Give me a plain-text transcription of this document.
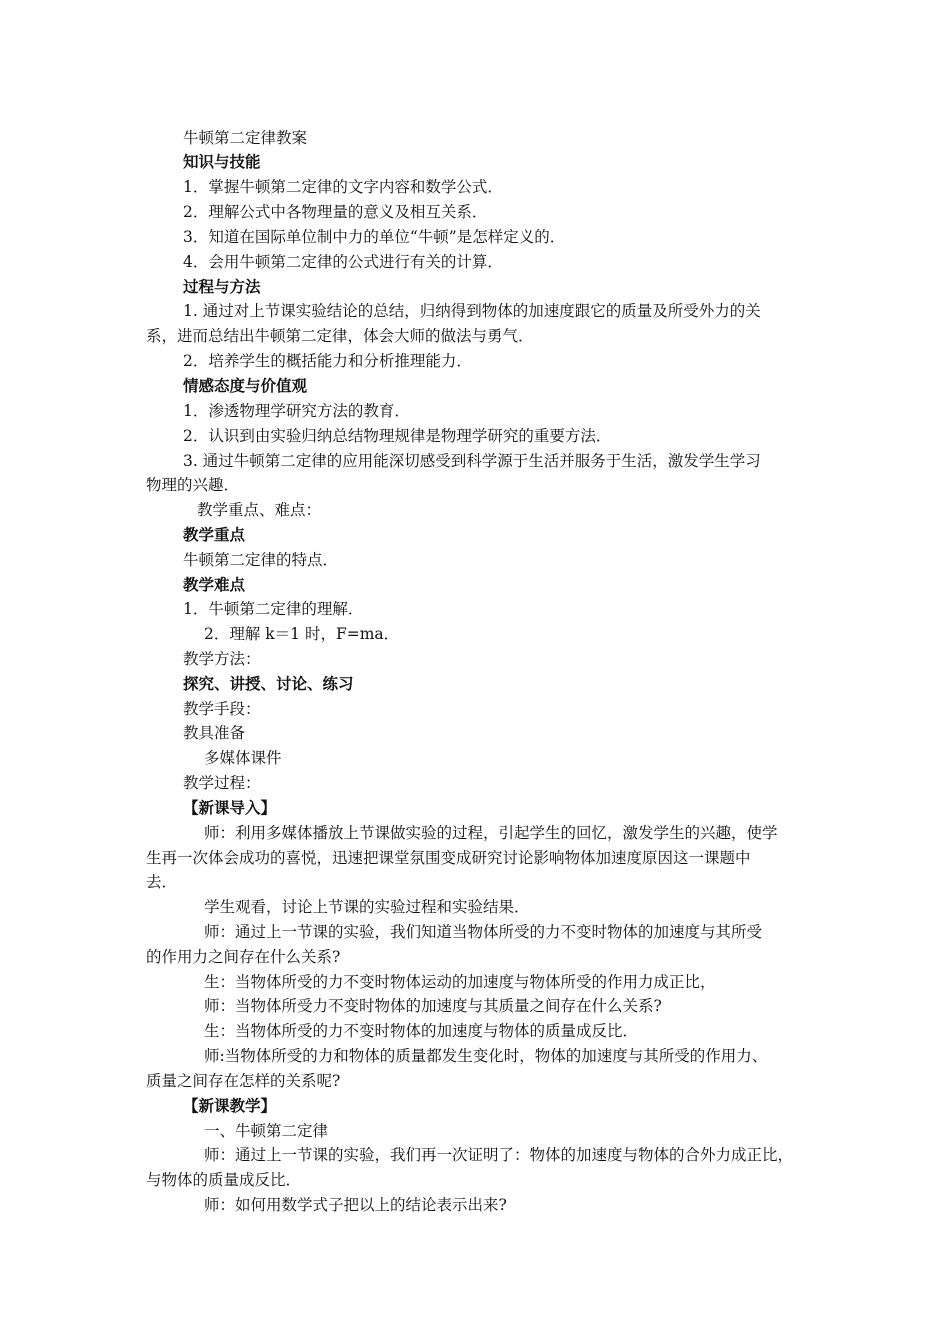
牛顿第二定律教案
知识与技能
1．掌握牛顿第二定律的文字内容和数学公式．
2．理解公式中各物理量的意义及相互关系．
3．知道在国际单位制中力的单位“牛顿”是怎样定义的．
4．会用牛顿第二定律的公式进行有关的计算．
过程与方法
1. 通过对上节课实验结论的总结，归纳得到物体的加速度跟它的质量及所受外力的关
系，进而总结出牛顿第二定律，体会大师的做法与勇气．
2．培养学生的概括能力和分析推理能力．
情感态度与价值观
1．渗透物理学研究方法的教育．
2．认识到由实验归纳总结物理规律是物理学研究的重要方法．
3. 通过牛顿第二定律的应用能深切感受到科学源于生活并服务于生活，激发学生学习
物理的兴趣．
教学重点、难点：
教学重点
牛顿第二定律的特点．
教学难点
1．牛顿第二定律的理解．
2．理解 k＝1 时，F=ma．
教学方法：
探究、讲授、讨论、练习
教学手段：
教具准备
多媒体课件
教学过程：
【新课导入】
师：利用多媒体播放上节课做实验的过程，引起学生的回忆，激发学生的兴趣，使学
生再一次体会成功的喜悦，迅速把课堂氛围变成研究讨论影响物体加速度原因这一课题中
去．
学生观看，讨论上节课的实验过程和实验结果．
师：通过上一节课的实验，我们知道当物体所受的力不变时物体的加速度与其所受
的作用力之间存在什么关系?
生：当物体所受的力不变时物体运动的加速度与物体所受的作用力成正比，
师：当物体所受力不变时物体的加速度与其质量之间存在什么关系?
生：当物体所受的力不变时物体的加速度与物体的质量成反比．
师:当物体所受的力和物体的质量都发生变化时，物体的加速度与其所受的作用力、
质量之间存在怎样的关系呢?
【新课教学】
一、牛顿第二定律
师：通过上一节课的实验，我们再一次证明了：物体的加速度与物体的合外力成正比，
与物体的质量成反比．
师：如何用数学式子把以上的结论表示出来?
